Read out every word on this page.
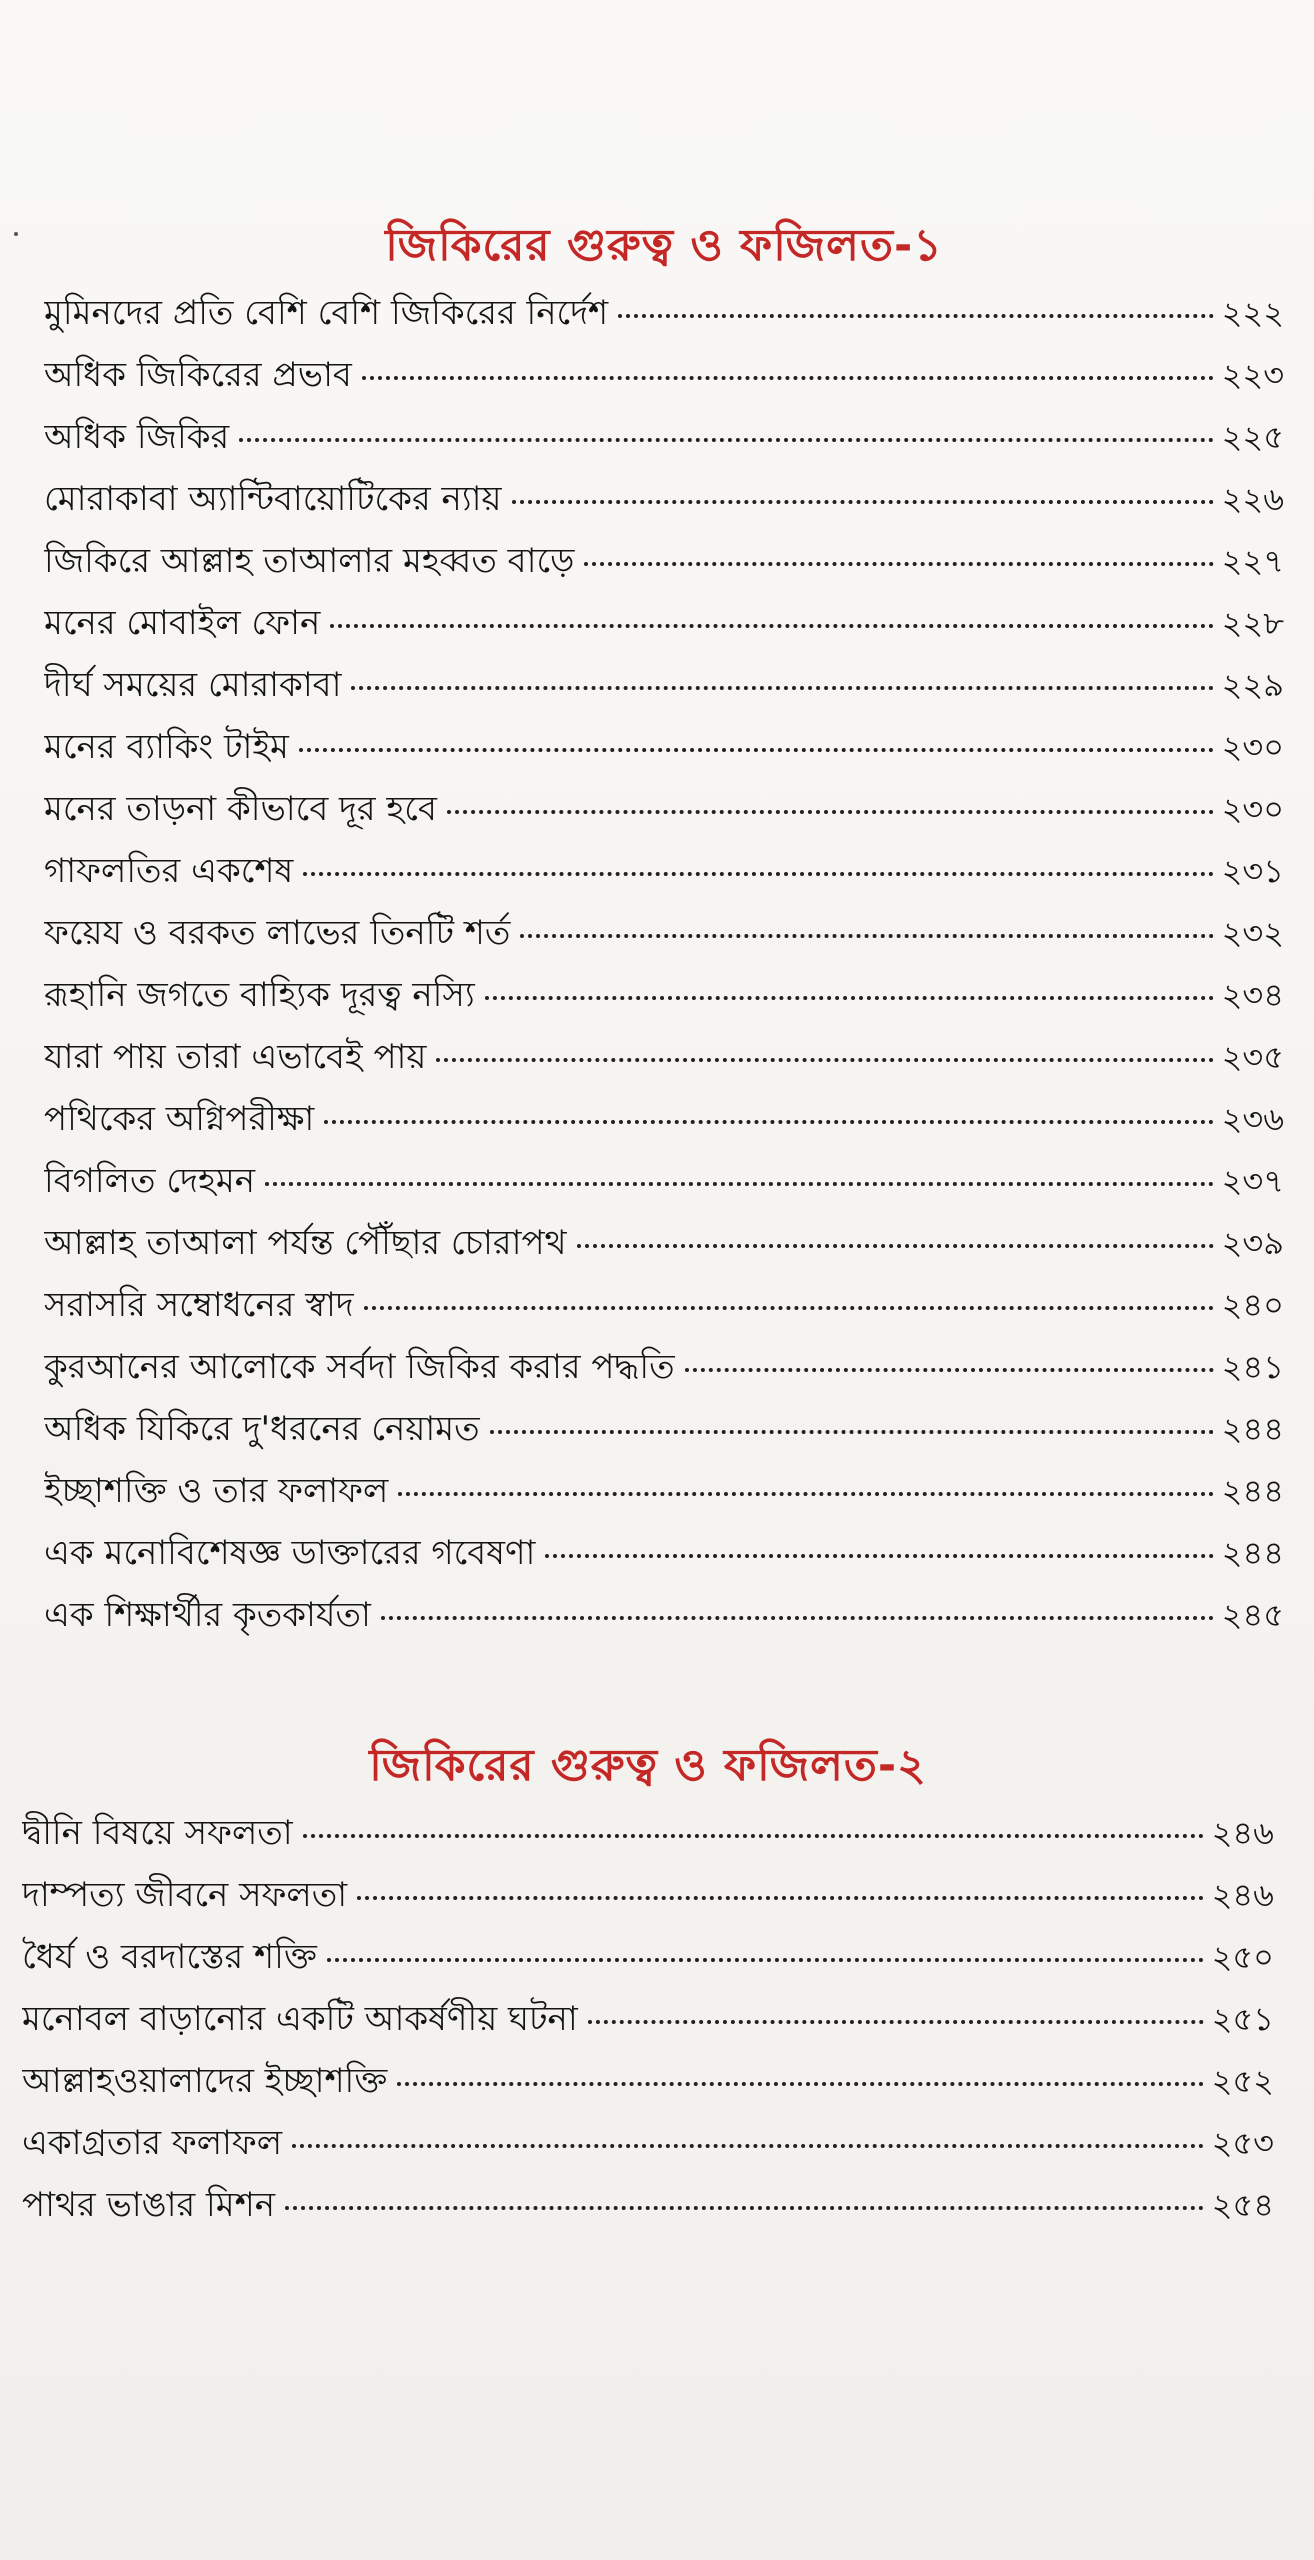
জিকিরের গুরুত্ব ও ফজিলত-১
মুমিনদের প্রতি বেশি বেশি জিকিরের নির্দেশ	২২২
অধিক জিকিরের প্রভাব	২২৩
অধিক জিকির	২২৫
মোরাকাবা অ্যান্টিবায়োটিকের ন্যায়	২২৬
জিকিরে আল্লাহ তাআলার মহব্বত বাড়ে	২২৭
মনের মোবাইল ফোন	২২৮
দীর্ঘ সময়ের মোরাকাবা	২২৯
মনের ব্যাকিং টাইম	২৩০
মনের তাড়না কীভাবে দূর হবে	২৩০
গাফলতির একশেষ	২৩১
ফয়েয ও বরকত লাভের তিনটি শর্ত	২৩২
রূহানি জগতে বাহ্যিক দূরত্ব নস্যি	২৩৪
যারা পায় তারা এভাবেই পায়	২৩৫
পথিকের অগ্নিপরীক্ষা	২৩৬
বিগলিত দেহমন	২৩৭
আল্লাহ তাআলা পর্যন্ত পৌঁছার চোরাপথ	২৩৯
সরাসরি সম্বোধনের স্বাদ	২৪০
কুরআনের আলোকে সর্বদা জিকির করার পদ্ধতি	২৪১
অধিক যিকিরে দু'ধরনের নেয়ামত	২৪৪
ইচ্ছাশক্তি ও তার ফলাফল	২৪৪
এক মনোবিশেষজ্ঞ ডাক্তারের গবেষণা	২৪৪
এক শিক্ষার্থীর কৃতকার্যতা	২৪৫
জিকিরের গুরুত্ব ও ফজিলত-২
দ্বীনি বিষয়ে সফলতা	২৪৬
দাম্পত্য জীবনে সফলতা	২৪৬
ধৈর্য ও বরদাস্তের শক্তি	২৫০
মনোবল বাড়ানোর একটি আকর্ষণীয় ঘটনা	২৫১
আল্লাহওয়ালাদের ইচ্ছাশক্তি	২৫২
একাগ্রতার ফলাফল	২৫৩
পাথর ভাঙার মিশন	২৫৪
